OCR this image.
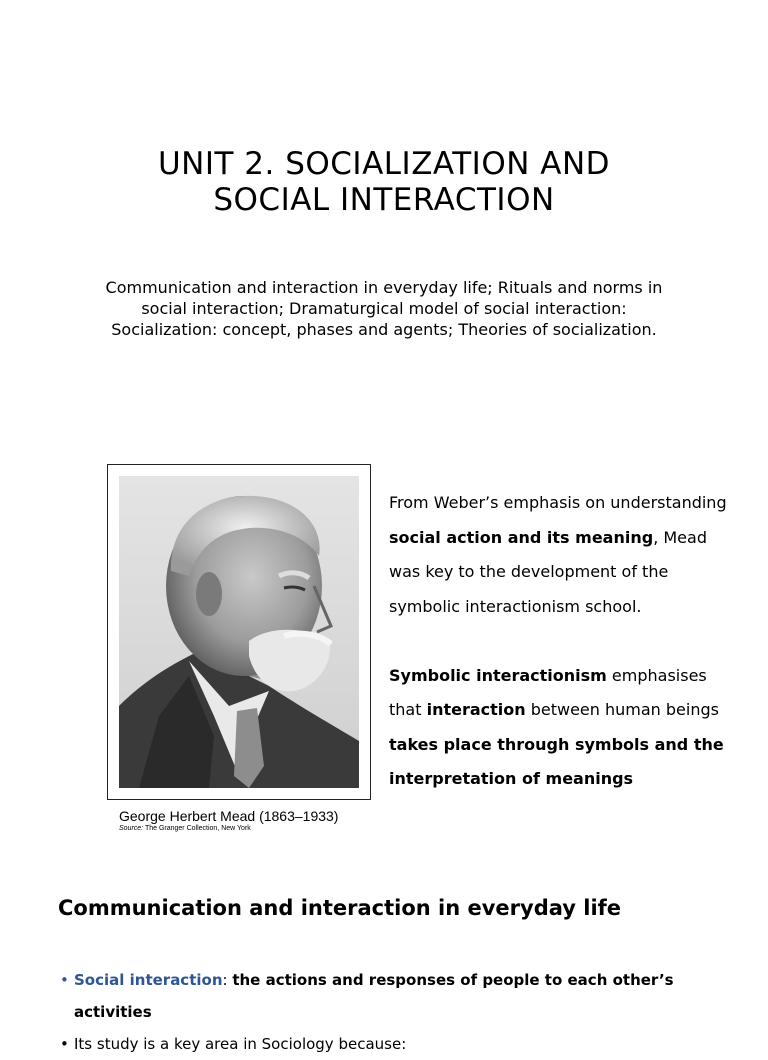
UNIT 2. SOCIALIZATION AND
SOCIAL INTERACTION
Communication and interaction in everyday life; Rituals and norms in
social interaction; Dramaturgical model of social interaction:
Socialization: concept, phases and agents; Theories of socialization.
George Herbert Mead (1863–1933)
Source: The Granger Collection, New York

From Weber’s emphasis on understanding social action and its meaning, Mead was key to the development of the symbolic interactionism school.

Symbolic interactionism emphasises that interaction between human beings takes place through symbols and the interpretation of meanings

Communication and interaction in everyday life
• Social interaction: the actions and responses of people to each other’s activities
• Its study is a key area in Sociology because:
